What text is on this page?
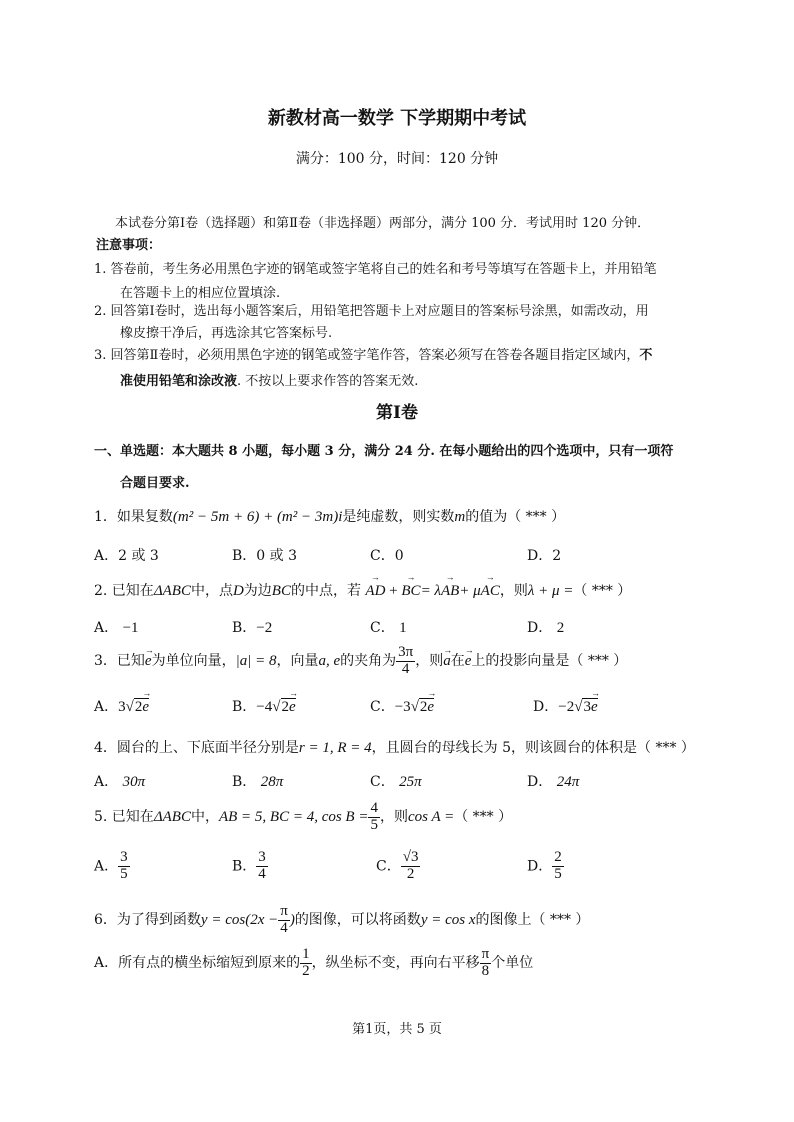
新教材高一数学 下学期期中考试
满分：100 分，时间：120 分钟
本试卷分第Ⅰ卷（选择题）和第Ⅱ卷（非选择题）两部分，满分 100 分．考试用时 120 分钟．
注意事项：
1. 答卷前，考生务必用黑色字迹的钢笔或签字笔将自己的姓名和考号等填写在答题卡上，并用铅笔
在答题卡上的相应位置填涂.
2. 回答第Ⅰ卷时，选出每小题答案后，用铅笔把答题卡上对应题目的答案标号涂黑，如需改动，用
橡皮擦干净后，再选涂其它答案标号.
3. 回答第Ⅱ卷时，必须用黑色字迹的钢笔或签字笔作答，答案必须写在答卷各题目指定区域内，不
准使用铅笔和涂改液. 不按以上要求作答的答案无效.
第Ⅰ卷
一、单选题：本大题共 8 小题，每小题 3 分，满分 24 分. 在每小题给出的四个选项中，只有一项符
合题目要求.
1．如果复数(m² − 5m + 6) + (m² − 3m)i是纯虚数，则实数m的值为（ *** ）
A．2 或 3	B．0 或 3	C．0	D．2
2. 已知在ΔABC中，点D为边BC的中点，若 → AD + → BC= λ→ AB+ μ→ AC，则λ + μ =（ *** ）
A． −1	B．−2	C． 1	D． 2
3．已知→ e为单位向量，|a| = 8，向量a, e的夹角为 $\frac{3\pi}{4}$ ，则→ a在→ e上的投影向量是（ *** ）
A．3√2→ e	B．−4√2→ e	C．−3√2→ e	D．−2√3→ e
4．圆台的上、下底面半径分别是r = 1, R = 4，且圆台的母线长为 5，则该圆台的体积是（ *** ）
A． 30π	B． 28π	C． 25π	D． 24π
5. 已知在ΔABC中，AB = 5, BC = 4, $\cos B = \frac{4}{5}$ ，则cos A =（ *** ）
A． $\frac{3}{5}$	B． $\frac{3}{4}$	C． $\frac{√3}{2}$	D． $\frac{2}{5}$
6．为了得到函数$y = \cos(2x - \frac{\pi}{4}$ )的图像，可以将函数y = cos x的图像上（ *** ）
A．所有点的横坐标缩短到原来的 $\frac{1}{2}$ ，纵坐标不变，再向右平移 $\frac{\pi}{8}$ 个单位
第1页，共 5 页
